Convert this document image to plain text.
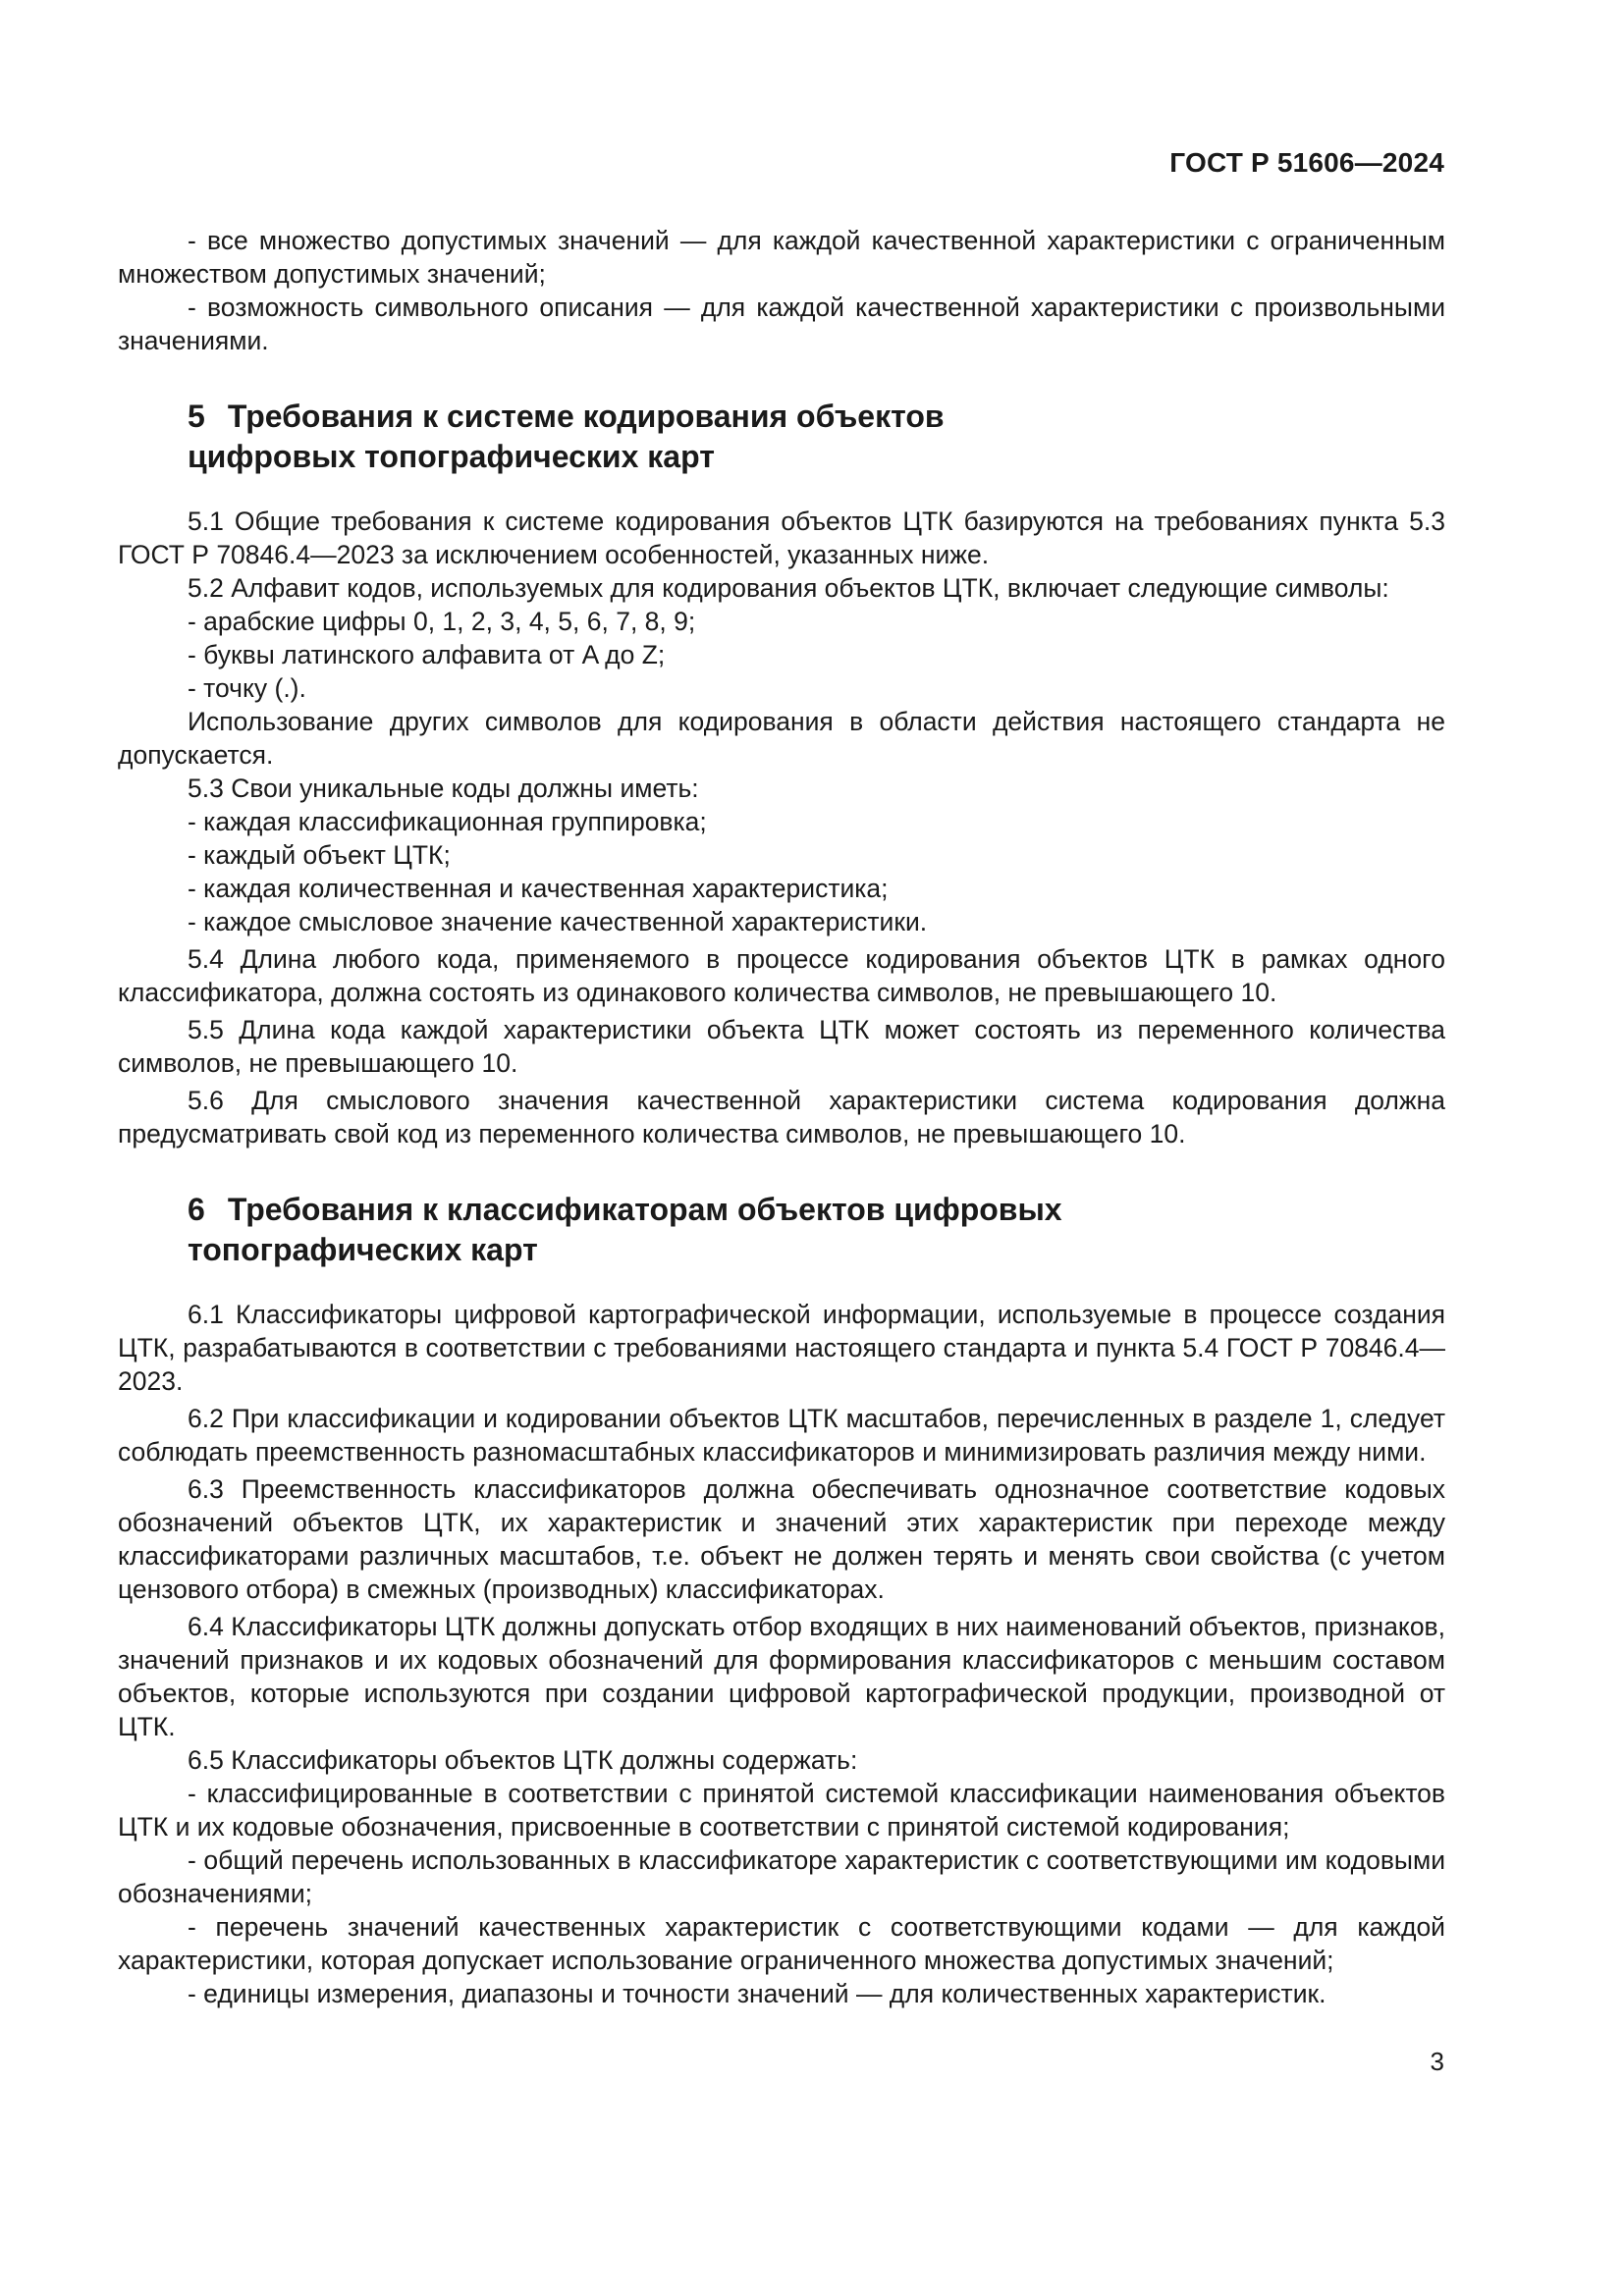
ГОСТ Р 51606—2024

- все множество допустимых значений — для каждой качественной характеристики с ограниченным множеством допустимых значений;

- возможность символьного описания — для каждой качественной характеристики с произвольными значениями.

5 Требования к системе кодирования объектов
цифровых топографических карт

5.1 Общие требования к системе кодирования объектов ЦТК базируются на требованиях пункта 5.3 ГОСТ Р 70846.4—2023 за исключением особенностей, указанных ниже.

5.2 Алфавит кодов, используемых для кодирования объектов ЦТК, включает следующие символы:

- арабские цифры 0, 1, 2, 3, 4, 5, 6, 7, 8, 9;

- буквы латинского алфавита от A до Z;

- точку (.).

Использование других символов для кодирования в области действия настоящего стандарта не допускается.

5.3 Свои уникальные коды должны иметь:

- каждая классификационная группировка;

- каждый объект ЦТК;

- каждая количественная и качественная характеристика;

- каждое смысловое значение качественной характеристики.

5.4 Длина любого кода, применяемого в процессе кодирования объектов ЦТК в рамках одного классификатора, должна состоять из одинакового количества символов, не превышающего 10.

5.5 Длина кода каждой характеристики объекта ЦТК может состоять из переменного количества символов, не превышающего 10.

5.6 Для смыслового значения качественной характеристики система кодирования должна предусматривать свой код из переменного количества символов, не превышающего 10.

6 Требования к классификаторам объектов цифровых
топографических карт

6.1 Классификаторы цифровой картографической информации, используемые в процессе создания ЦТК, разрабатываются в соответствии с требованиями настоящего стандарта и пункта 5.4 ГОСТ Р 70846.4—2023.

6.2 При классификации и кодировании объектов ЦТК масштабов, перечисленных в разделе 1, следует соблюдать преемственность разномасштабных классификаторов и минимизировать различия между ними.

6.3 Преемственность классификаторов должна обеспечивать однозначное соответствие кодовых обозначений объектов ЦТК, их характеристик и значений этих характеристик при переходе между классификаторами различных масштабов, т.е. объект не должен терять и менять свои свойства (с учетом цензового отбора) в смежных (производных) классификаторах.

6.4 Классификаторы ЦТК должны допускать отбор входящих в них наименований объектов, признаков, значений признаков и их кодовых обозначений для формирования классификаторов с меньшим составом объектов, которые используются при создании цифровой картографической продукции, производной от ЦТК.

6.5 Классификаторы объектов ЦТК должны содержать:

- классифицированные в соответствии с принятой системой классификации наименования объектов ЦТК и их кодовые обозначения, присвоенные в соответствии с принятой системой кодирования;

- общий перечень использованных в классификаторе характеристик с соответствующими им кодовыми обозначениями;

- перечень значений качественных характеристик с соответствующими кодами — для каждой характеристики, которая допускает использование ограниченного множества допустимых значений;

- единицы измерения, диапазоны и точности значений — для количественных характеристик.

3
